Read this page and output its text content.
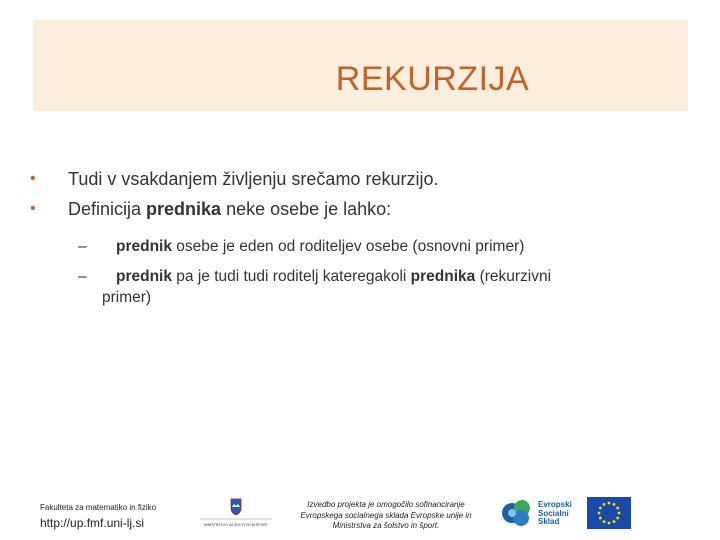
REKURZIJA
• Tudi v vsakdanjem življenju srečamo rekurzijo.
• Definicija prednika neke osebe je lahko:
– prednik osebe je eden od roditeljev osebe (osnovni primer)
– prednik pa je tudi tudi roditelj kateregakoli prednika (rekurzivni
primer)
Fakulteta za matematiko in fiziko
http://up.fmf.uni-lj.si	MINISTRSTVO ZA ŠOLSTVO IN ŠPORT
Izvedbo projekta je omogočilo sofinanciranje
Evropskega socialnega sklada Evropske unije in
Ministrstva za šolstvo in šport.
Evropski
Socialni
Sklad
